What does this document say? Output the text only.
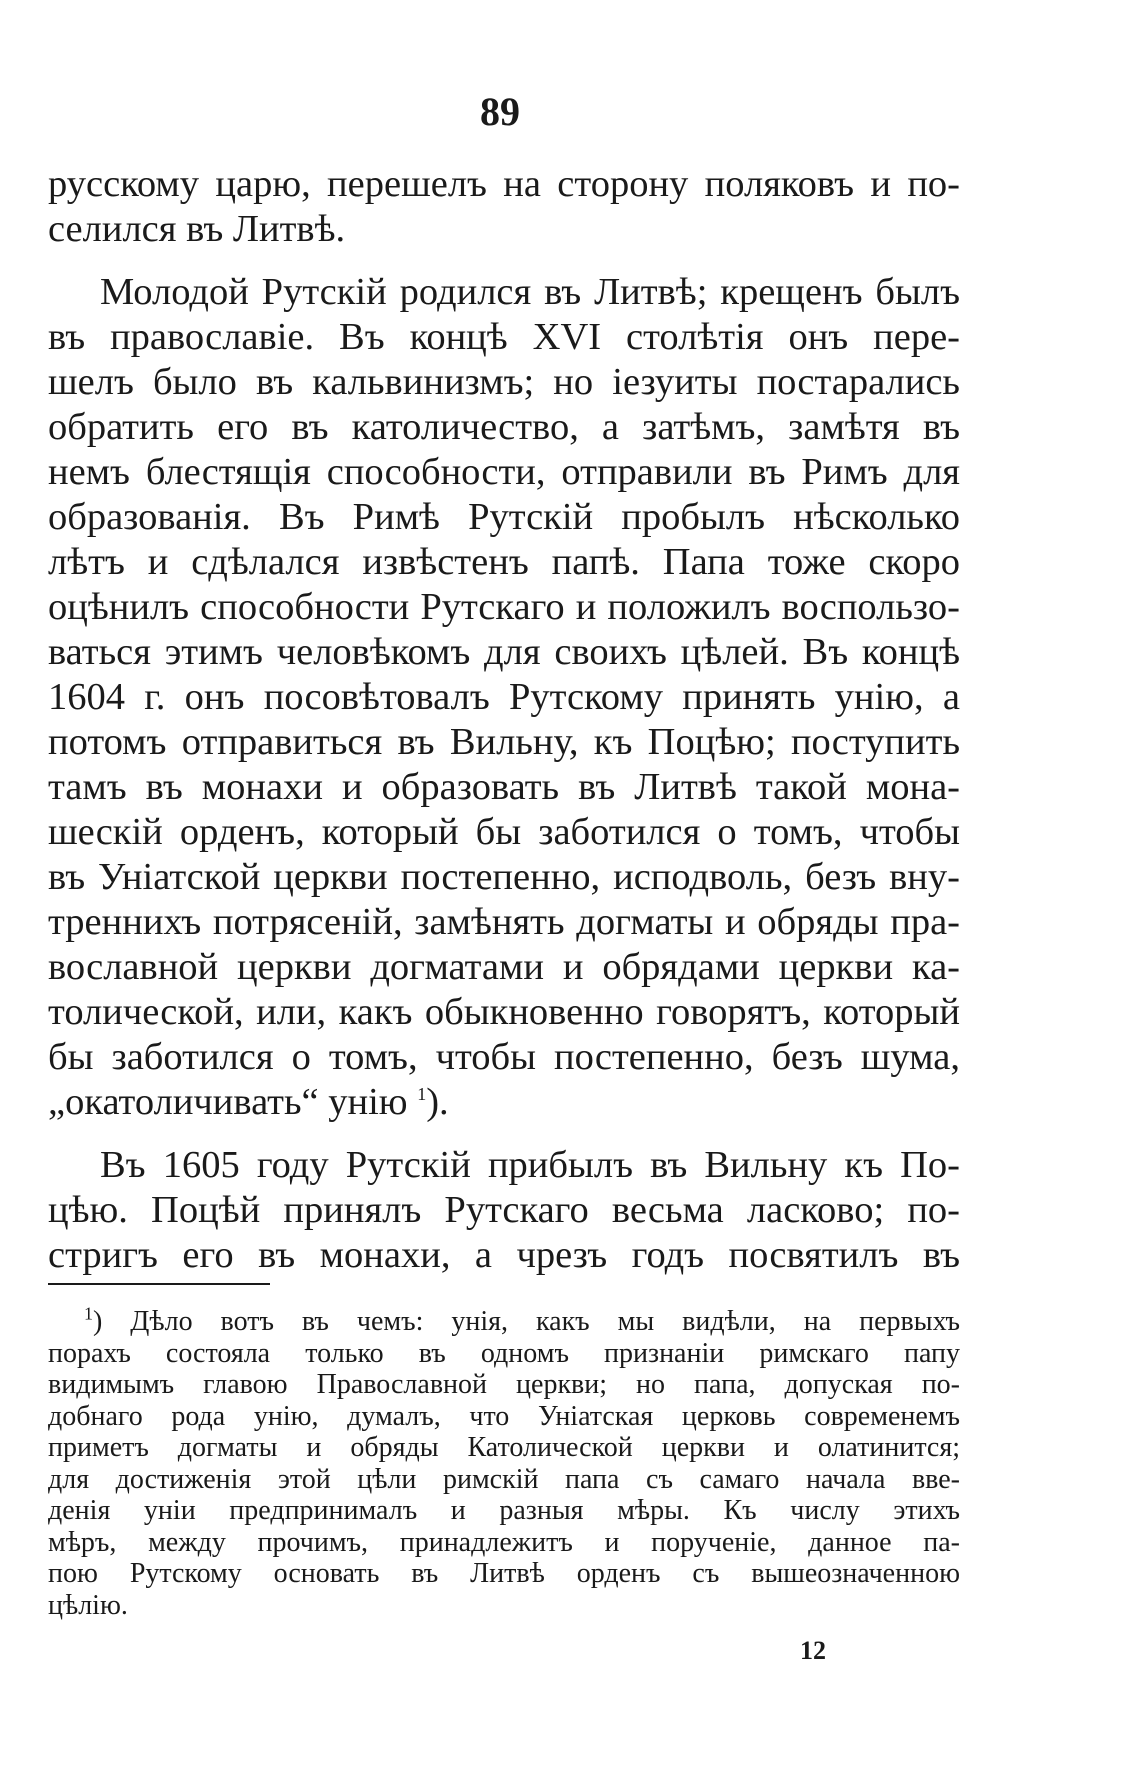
89

русскому царю, перешелъ на сторону поляковъ и по-
селился въ Литвѣ.

Молодой Рутскій родился въ Литвѣ; крещенъ былъ
въ православіе. Въ концѣ XVI столѣтія онъ пере-
шелъ было въ кальвинизмъ; но іезуиты постарались
обратить его въ католичество, а затѣмъ, замѣтя въ
немъ блестящія способности, отправили въ Римъ для
образованія. Въ Римѣ Рутскій пробылъ нѣсколько
лѣтъ и сдѣлался извѣстенъ папѣ. Папа тоже скоро
оцѣнилъ способности Рутскаго и положилъ воспользо-
ваться этимъ человѣкомъ для своихъ цѣлей. Въ концѣ
1604 г. онъ посовѣтовалъ Рутскому принять унію, а
потомъ отправиться въ Вильну, къ Поцѣю; поступить
тамъ въ монахи и образовать въ Литвѣ такой мона-
шескій орденъ, который бы заботился о томъ, чтобы
въ Уніатской церкви постепенно, исподволь, безъ вну-
треннихъ потрясеній, замѣнять догматы и обряды пра-
вославной церкви догматами и обрядами церкви ка-
толической, или, какъ обыкновенно говорятъ, который
бы заботился о томъ, чтобы постепенно, безъ шума,
„окатоличивать“ унію $^1$).

Въ 1605 году Рутскій прибылъ въ Вильну къ По-
цѣю. Поцѣй принялъ Рутскаго весьма ласково; по-
стригъ его въ монахи, а чрезъ годъ посвятилъ въ

$^1$) Дѣло вотъ въ чемъ: унія, какъ мы видѣли, на первыхъ
порахъ состояла только въ одномъ признаніи римскаго папу
видимымъ главою Православной церкви; но папа, допуская по-
добнаго рода унію, думалъ, что Уніатская церковь современемъ
приметъ догматы и обряды Католической церкви и олатинится;
для достиженія этой цѣли римскій папа съ самаго начала вве-
денія уніи предпринималъ и разныя мѣры. Къ числу этихъ
мѣръ, между прочимъ, принадлежитъ и порученіе, данное па-
пою Рутскому основать въ Литвѣ орденъ съ вышеозначенною
цѣлію.
12
